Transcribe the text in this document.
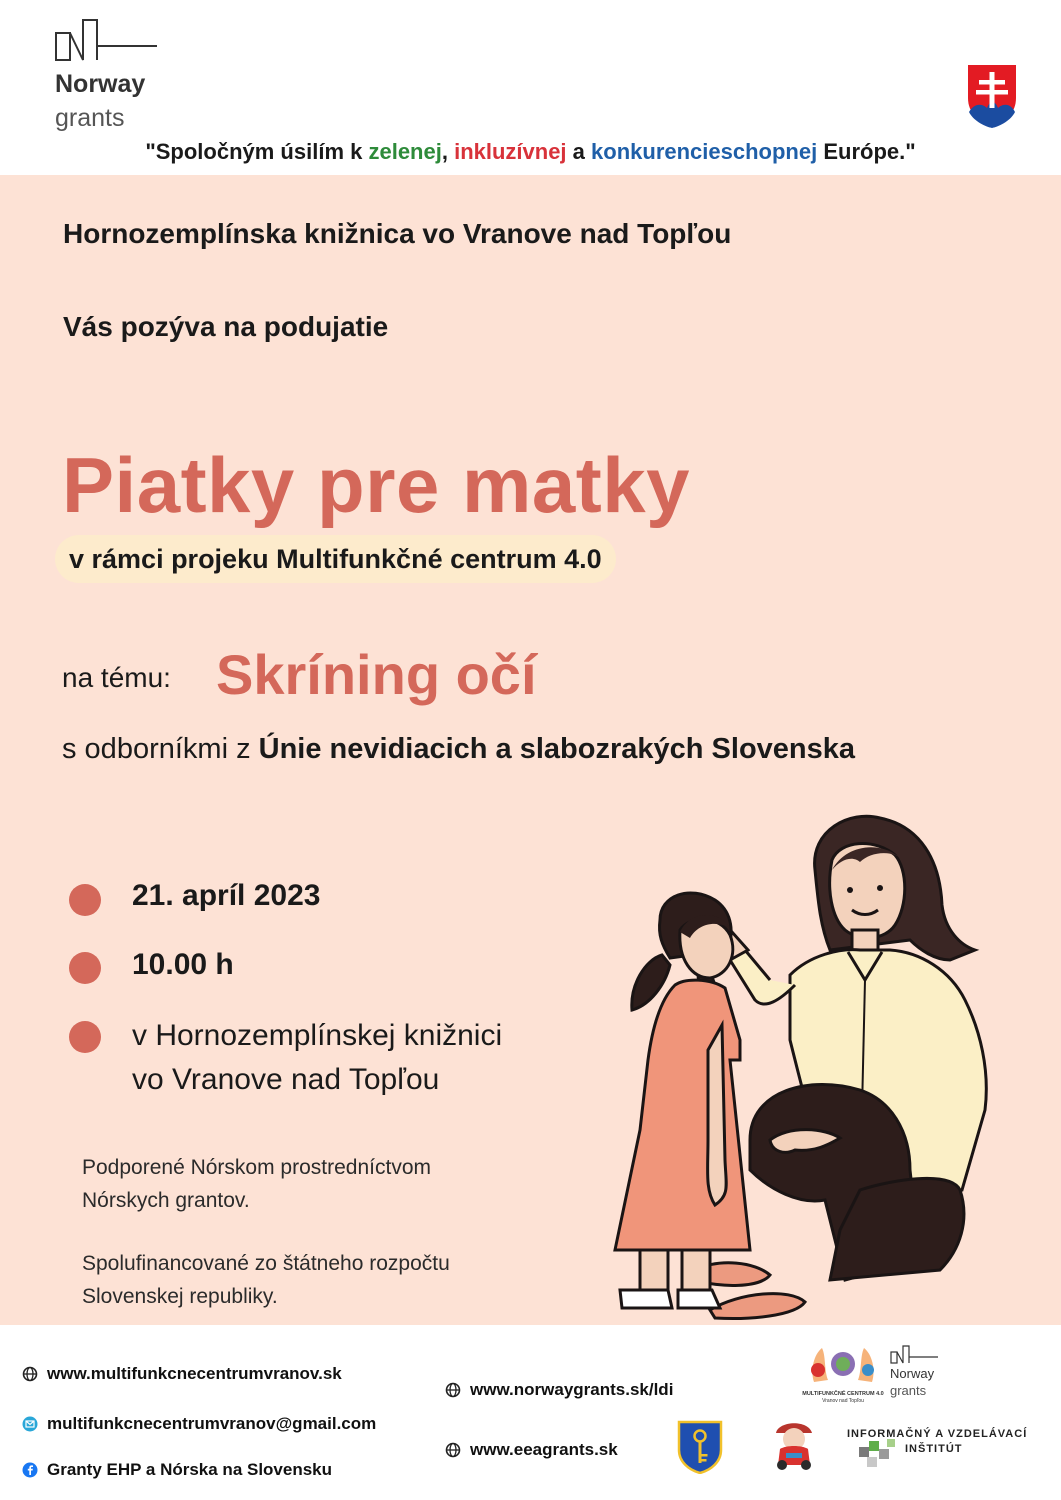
Norway
grants
"Spoločným úsilím k zelenej, inkluzívnej a konkurencieschopnej Európe."
Hornozemplínska knižnica vo Vranove nad Topľou
Vás pozýva na podujatie
Piatky pre matky
v rámci projeku Multifunkčné centrum 4.0
na tému: Skríning očí
s odborníkmi z Únie nevidiacich a slabozrakých Slovenska
21. apríl 2023
10.00 h
v Hornozemplínskej knižnici
vo Vranove nad Topľou
Podporené Nórskom prostredníctvom
Nórskych grantov.
Spolufinancované zo štátneho rozpočtu
Slovenskej republiky.
www.multifunkcnecentrumvranov.sk
multifunkcnecentrumvranov@gmail.com
Granty EHP a Nórska na Slovensku
www.norwaygrants.sk/ldi
www.eeagrants.sk
MULTIFUNKČNÉ CENTRUM 4.0
Vranov nad Topľou
Norway
grants
INFORMAČNÝ A VZDELÁVACÍ
INŠTITÚT
